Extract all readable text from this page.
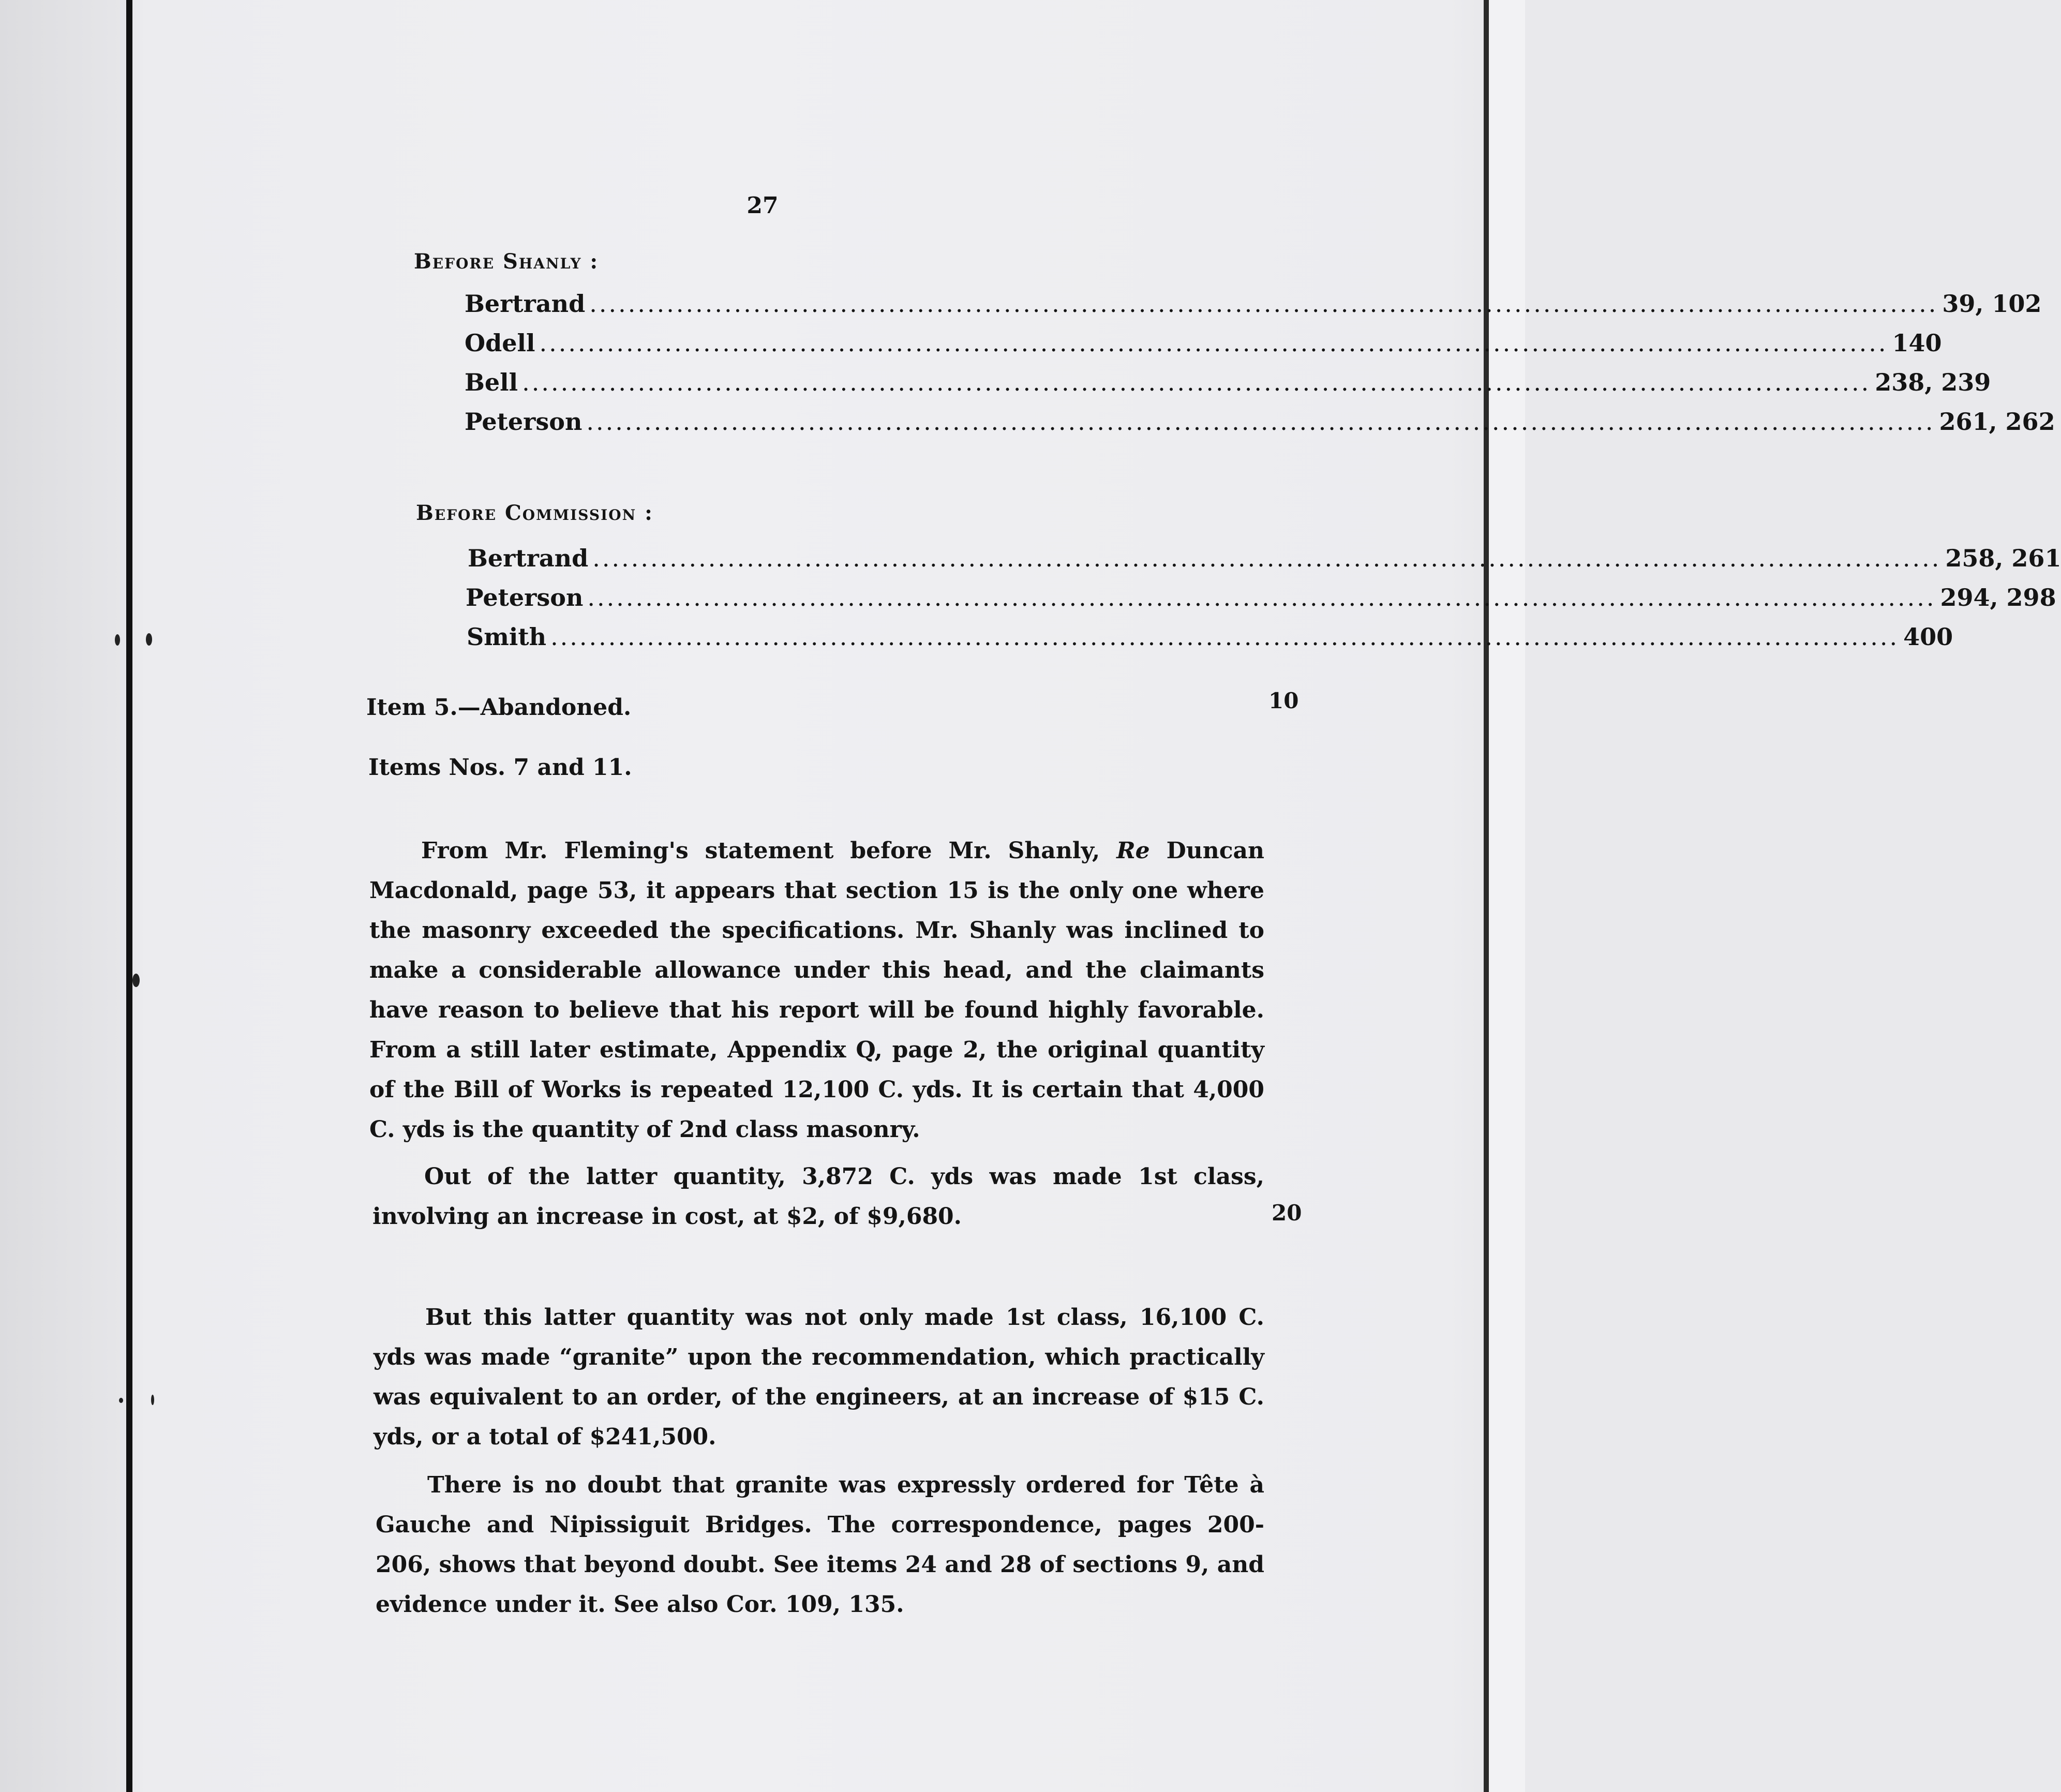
27
Before Shanly :
Bertrand ............................................................................................................................................ 39, 102
Odell ............................................................................................................................................ 140
Bell ............................................................................................................................................ 238, 239
Peterson ............................................................................................................................................ 261, 262
Before Commission :
Bertrand ............................................................................................................................................ 258, 261
Peterson ............................................................................................................................................ 294, 298
Smith ............................................................................................................................................ 400
Item 5.—Abandoned.	10
Items Nos. 7 and 11.
From Mr. Fleming's statement before Mr. Shanly, Re Duncan Macdonald, page 53, it appears that section 15 is the only one where the masonry exceeded the specifications. Mr. Shanly was inclined to make a considerable allowance under this head, and the claimants have reason to believe that his report will be found highly favorable. From a still later estimate, Appendix Q, page 2, the original quantity of the Bill of Works is repeated 12,100 C. yds. It is certain that 4,000 C. yds is the quantity of 2nd class masonry.
Out of the latter quantity, 3,872 C. yds was made 1st class, involving an increase in cost, at $2, of $9,680.	20
But this latter quantity was not only made 1st class, 16,100 C. yds was made “granite” upon the recommendation, which practically was equivalent to an order, of the engineers, at an increase of $15 C. yds, or a total of $241,500.
There is no doubt that granite was expressly ordered for Tête à Gauche and Nipissiguit Bridges. The correspondence, pages 200-206, shows that beyond doubt. See items 24 and 28 of sections 9, and evidence under it. See also Cor. 109, 135.
